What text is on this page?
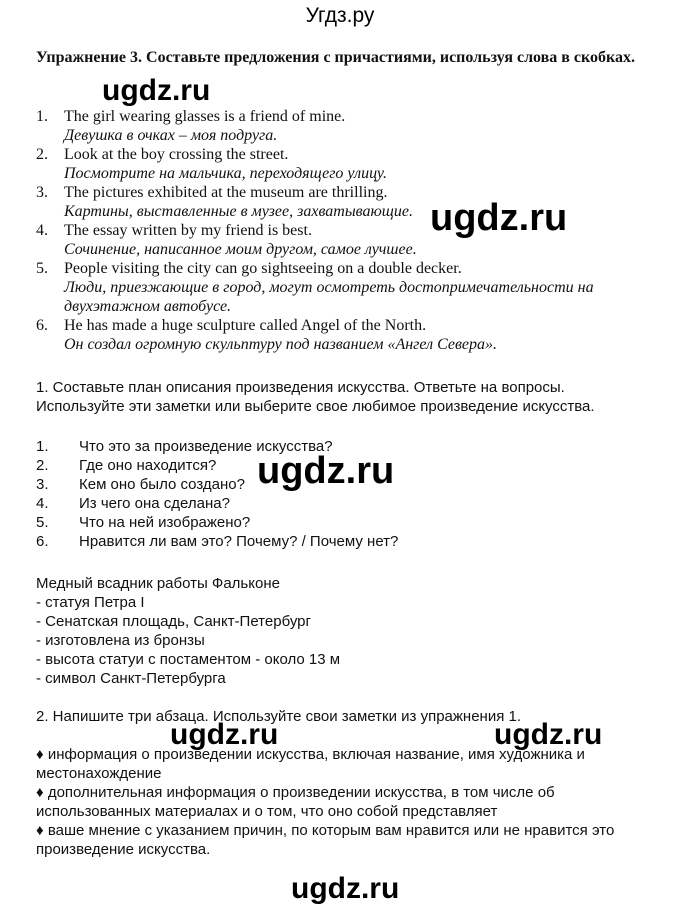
Угдз.ру
Упражнение 3. Составьте предложения с причастиями, используя слова в скобках.
1. The girl wearing glasses is a friend of mine.
Девушка в очках – моя подруга.
2. Look at the boy crossing the street.
Посмотрите на мальчика, переходящего улицу.
3. The pictures exhibited at the museum are thrilling.
Картины, выставленные в музее, захватывающие.
4. The essay written by my friend is best.
Сочинение, написанное моим другом, самое лучшее.
5. People visiting the city can go sightseeing on a double decker.
Люди, приезжающие в город, могут осмотреть достопримечательности на двухэтажном автобусе.
6. He has made a huge sculpture called Angel of the North.
Он создал огромную скульптуру под названием «Ангел Севера».
1. Составьте план описания произведения искусства. Ответьте на вопросы. Используйте эти заметки или выберите свое любимое произведение искусства.
1. Что это за произведение искусства?
2. Где оно находится?
3. Кем оно было создано?
4. Из чего она сделана?
5. Что на ней изображено?
6. Нравится ли вам это? Почему? / Почему нет?
Медный всадник работы Фальконе
- статуя Петра I
- Сенатская площадь, Санкт-Петербург
- изготовлена из бронзы
- высота статуи с постаментом - около 13 м
- символ Санкт-Петербурга
2. Напишите три абзаца. Используйте свои заметки из упражнения 1.
♦ информация о произведении искусства, включая название, имя художника и местонахождение
♦ дополнительная информация о произведении искусства, в том числе об использованных материалах и о том, что оно собой представляет
♦ ваше мнение с указанием причин, по которым вам нравится или не нравится это произведение искусства.
ugdz.ru
ugdz.ru
ugdz.ru
ugdz.ru	ugdz.ru
ugdz.ru
